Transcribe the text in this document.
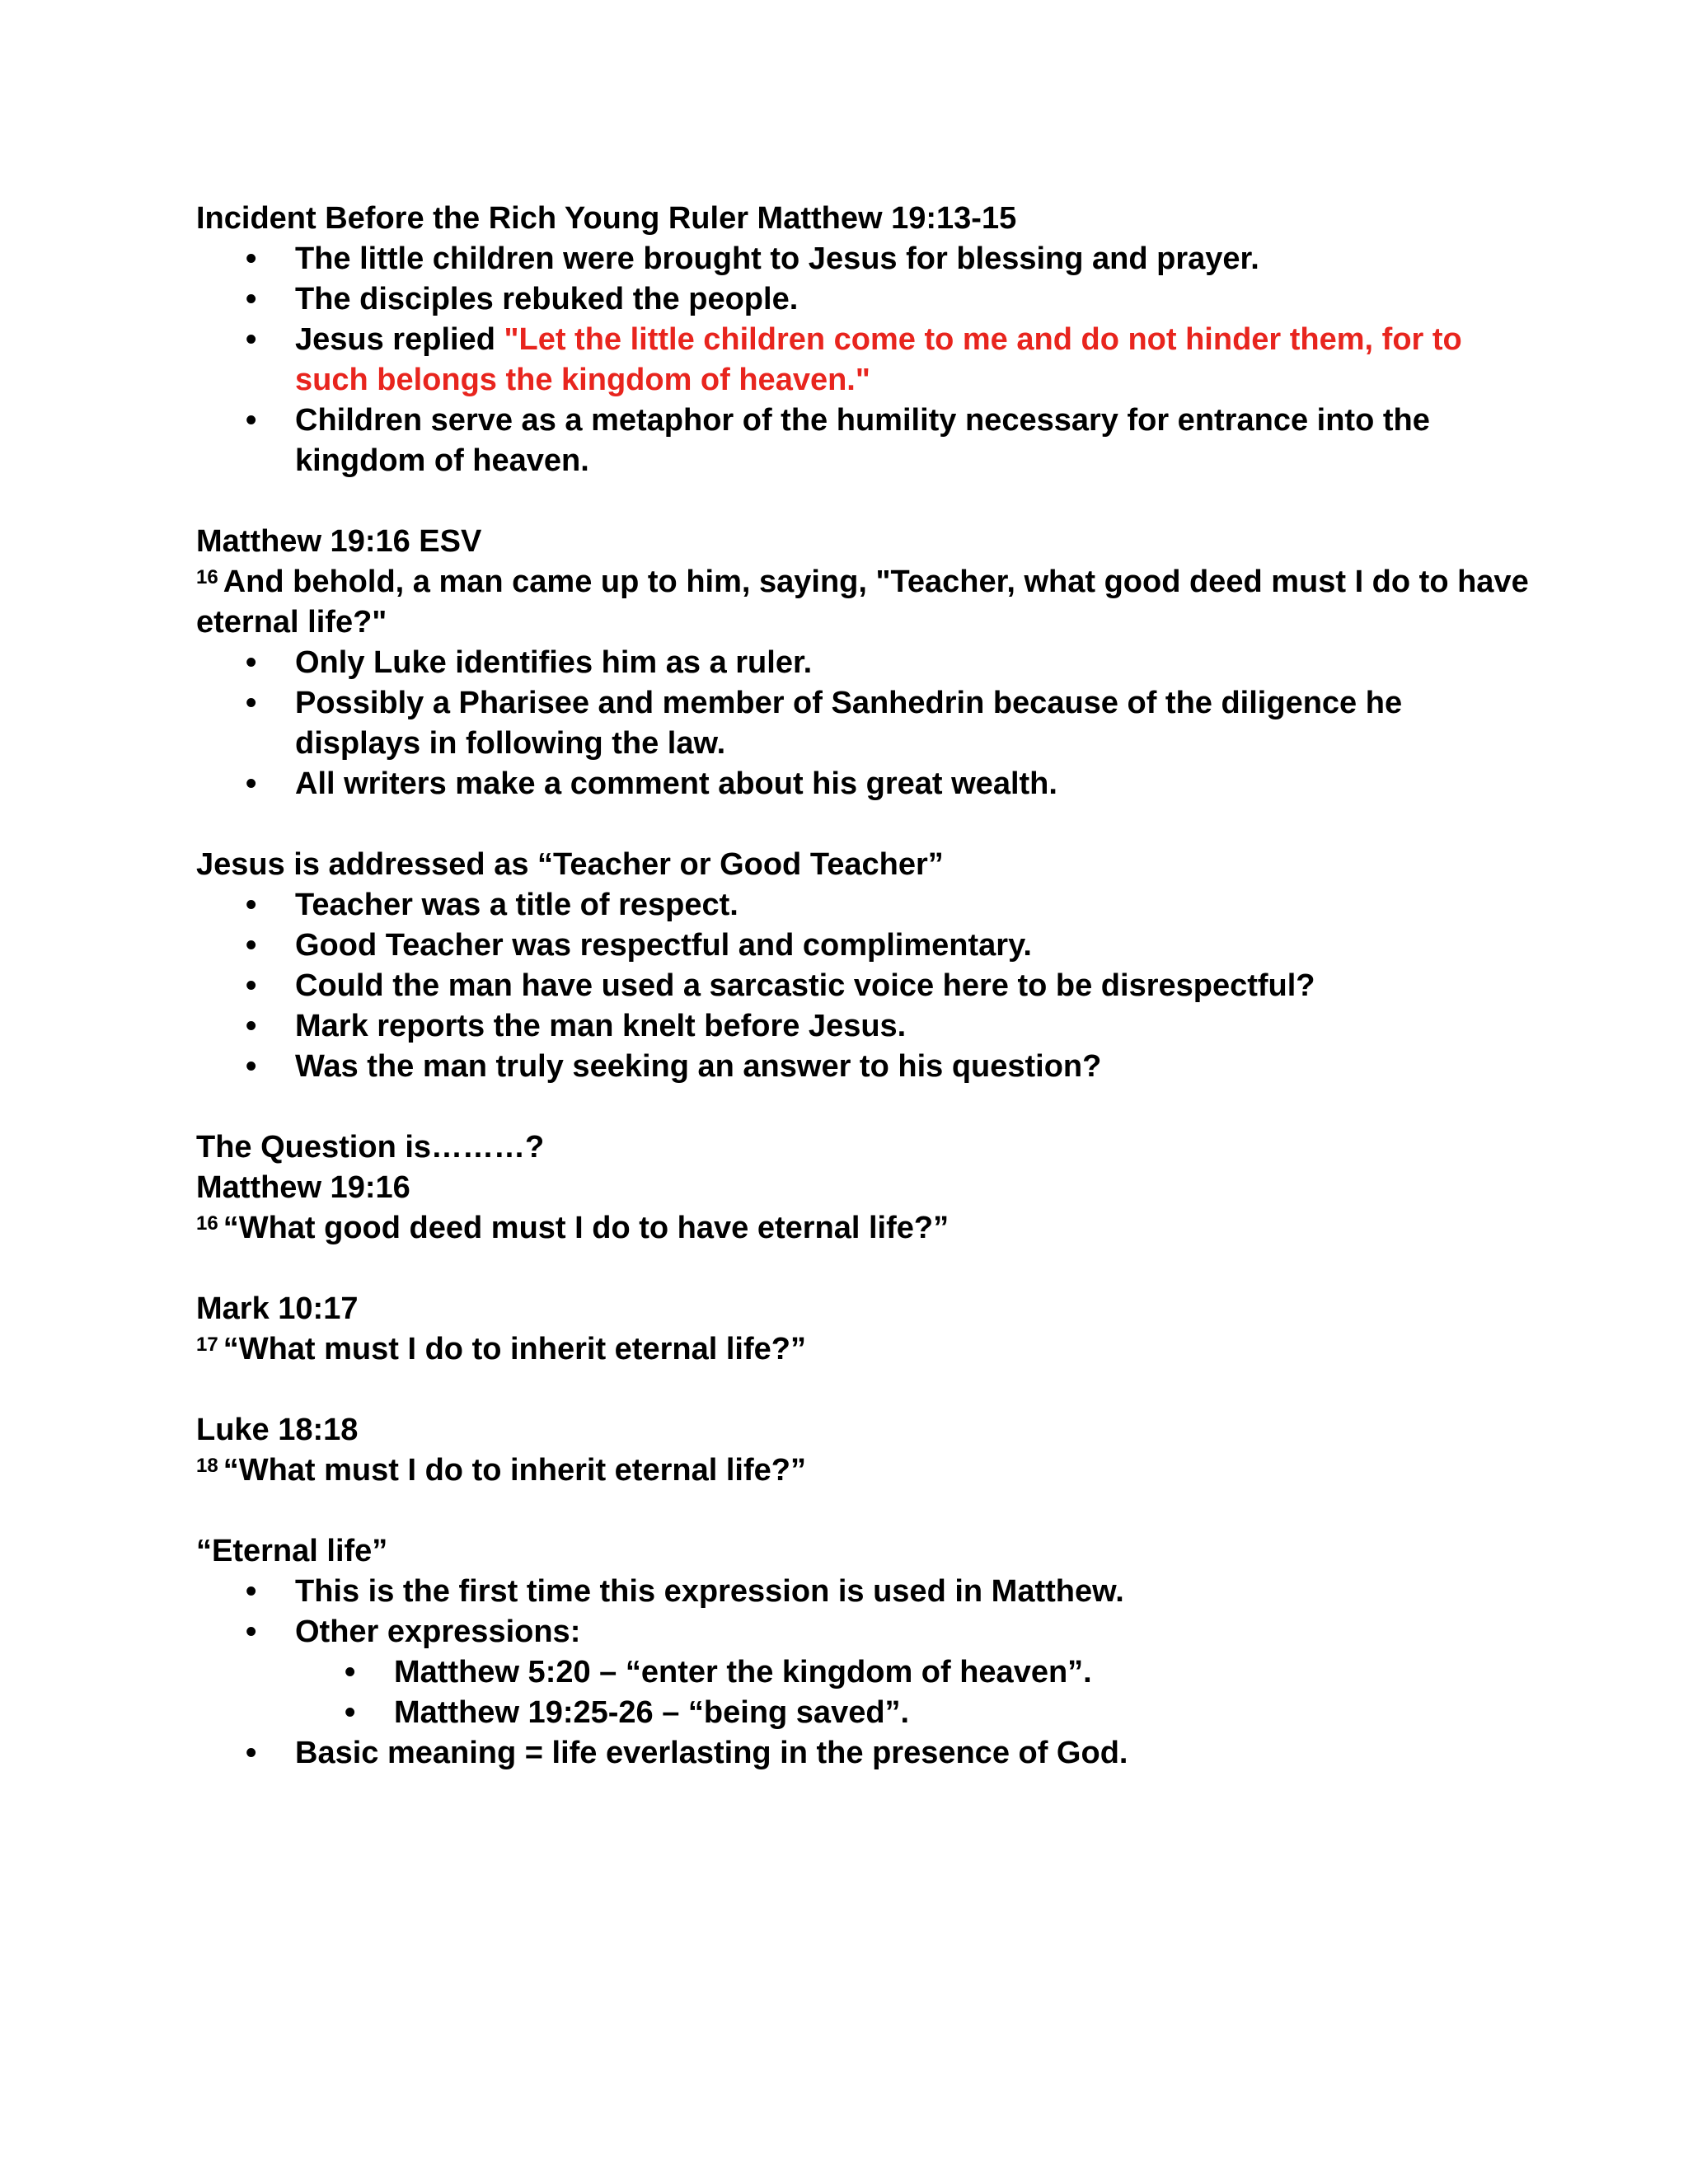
Incident Before the Rich Young Ruler Matthew 19:13-15

• The little children were brought to Jesus for blessing and prayer.
• The disciples rebuked the people.
• Jesus replied "Let the little children come to me and do not hinder them, for to such belongs the kingdom of heaven."
• Children serve as a metaphor of the humility necessary for entrance into the kingdom of heaven.

Matthew 19:16 ESV

$^{16}$ And behold, a man came up to him, saying, "Teacher, what good deed must I do to have eternal life?"

• Only Luke identifies him as a ruler.
• Possibly a Pharisee and member of Sanhedrin because of the diligence he displays in following the law.
• All writers make a comment about his great wealth.

Jesus is addressed as “Teacher or Good Teacher”

• Teacher was a title of respect.
• Good Teacher was respectful and complimentary.
• Could the man have used a sarcastic voice here to be disrespectful?
• Mark reports the man knelt before Jesus.
• Was the man truly seeking an answer to his question?

The Question is………?

Matthew 19:16

$^{16}$ “What good deed must I do to have eternal life?”

Mark 10:17

$^{17}$ “What must I do to inherit eternal life?”

Luke 18:18

$^{18}$ “What must I do to inherit eternal life?”

“Eternal life”

• This is the first time this expression is used in Matthew.
• Other expressions:
• Matthew 5:20 – “enter the kingdom of heaven”.
• Matthew 19:25-26 – “being saved”.
• Basic meaning = life everlasting in the presence of God.
